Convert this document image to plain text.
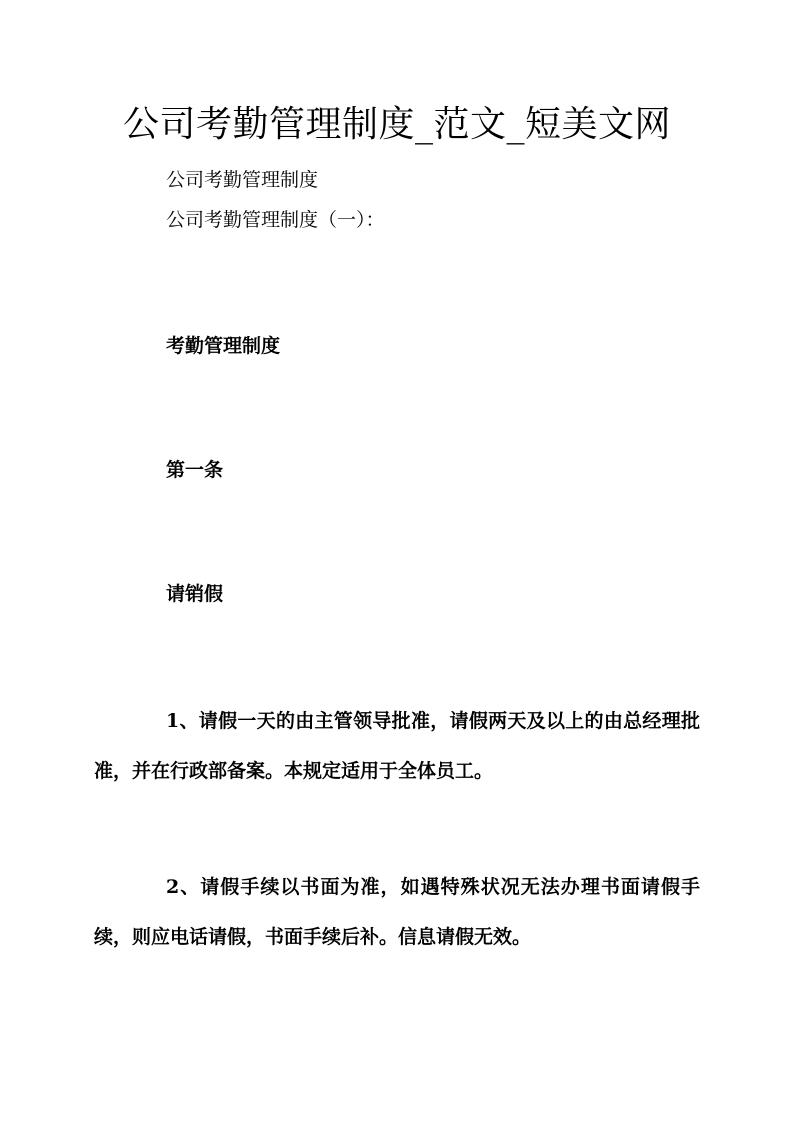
公司考勤管理制度_范文_短美文网

公司考勤管理制度

公司考勤管理制度（一）：

考勤管理制度

第一条

请销假

1、请假一天的由主管领导批准，请假两天及以上的由总经理批准，并在行政部备案。本规定适用于全体员工。

2、请假手续以书面为准，如遇特殊状况无法办理书面请假手续，则应电话请假，书面手续后补。信息请假无效。
